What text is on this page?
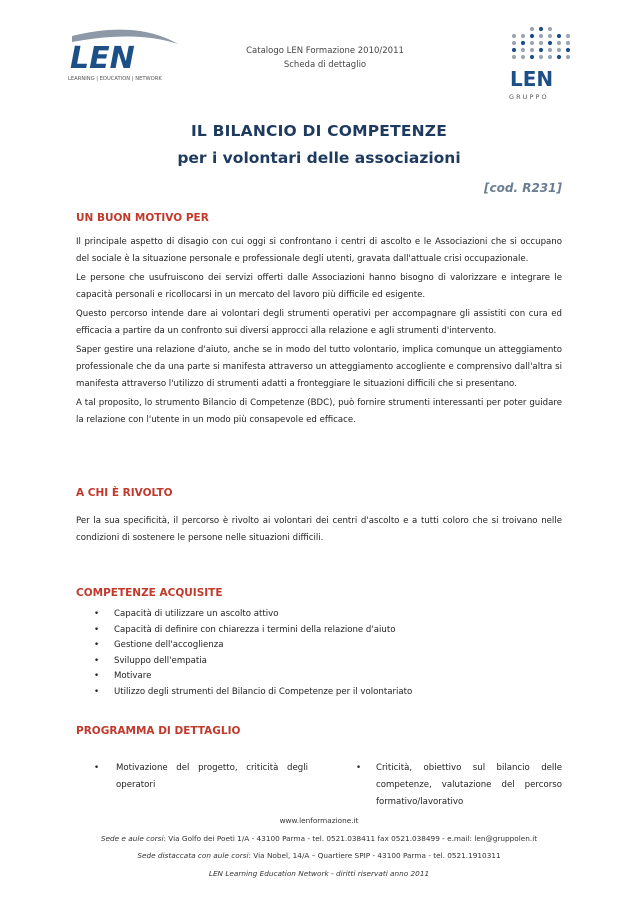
LEN
LEARNING | EDUCATION | NETWORK
Catalogo LEN Formazione 2010/2011
Scheda di dettaglio
LEN
G R U P P O
IL BILANCIO DI COMPETENZE
per i volontari delle associazioni
[cod. R231]
UN BUON MOTIVO PER

Il principale aspetto di disagio con cui oggi si confrontano i centri di ascolto e le Associazioni che si occupano del sociale è la situazione personale e professionale degli utenti, gravata dall'attuale crisi occupazionale.

Le persone che usufruiscono dei servizi offerti dalle Associazioni hanno bisogno di valorizzare e integrare le capacità personali e ricollocarsi in un mercato del lavoro più difficile ed esigente.

Questo percorso intende dare ai volontari degli strumenti operativi per accompagnare gli assistiti con cura ed efficacia a partire da un confronto sui diversi approcci alla relazione e agli strumenti d'intervento.

Saper gestire una relazione d'aiuto, anche se in modo del tutto volontario, implica comunque un atteggiamento professionale che da una parte si manifesta attraverso un atteggiamento accogliente e comprensivo dall'altra si manifesta attraverso l'utilizzo di strumenti adatti a fronteggiare le situazioni difficili che si presentano.

A tal proposito, lo strumento Bilancio di Competenze (BDC), può fornire strumenti interessanti per poter guidare la relazione con l'utente in un modo più consapevole ed efficace.

A CHI È RIVOLTO

Per la sua specificità, il percorso è rivolto ai volontari dei centri d'ascolto e a tutti coloro che si troivano nelle condizioni di sostenere le persone nelle situazioni difficili.

COMPETENZE ACQUISITE
• Capacità di utilizzare un ascolto attivo
• Capacità di definire con chiarezza i termini della relazione d'aiuto
• Gestione dell'accoglienza
• Sviluppo dell'empatia
• Motivare
• Utilizzo degli strumenti del Bilancio di Competenze per il volontariato
PROGRAMMA DI DETTAGLIO
•	Motivazione del progetto, criticità degli operatori
•	Criticità, obiettivo sul bilancio delle competenze, valutazione del percorso formativo/lavorativo
www.lenformazione.it
Sede e aule corsi: Via Golfo dei Poeti 1/A - 43100 Parma - tel. 0521.038411 fax 0521.038499 - e.mail: len@gruppolen.it
Sede distaccata con aule corsi: Via Nobel, 14/A – Quartiere SPIP - 43100 Parma - tel. 0521.1910311
LEN Learning Education Network - diritti riservati anno 2011
